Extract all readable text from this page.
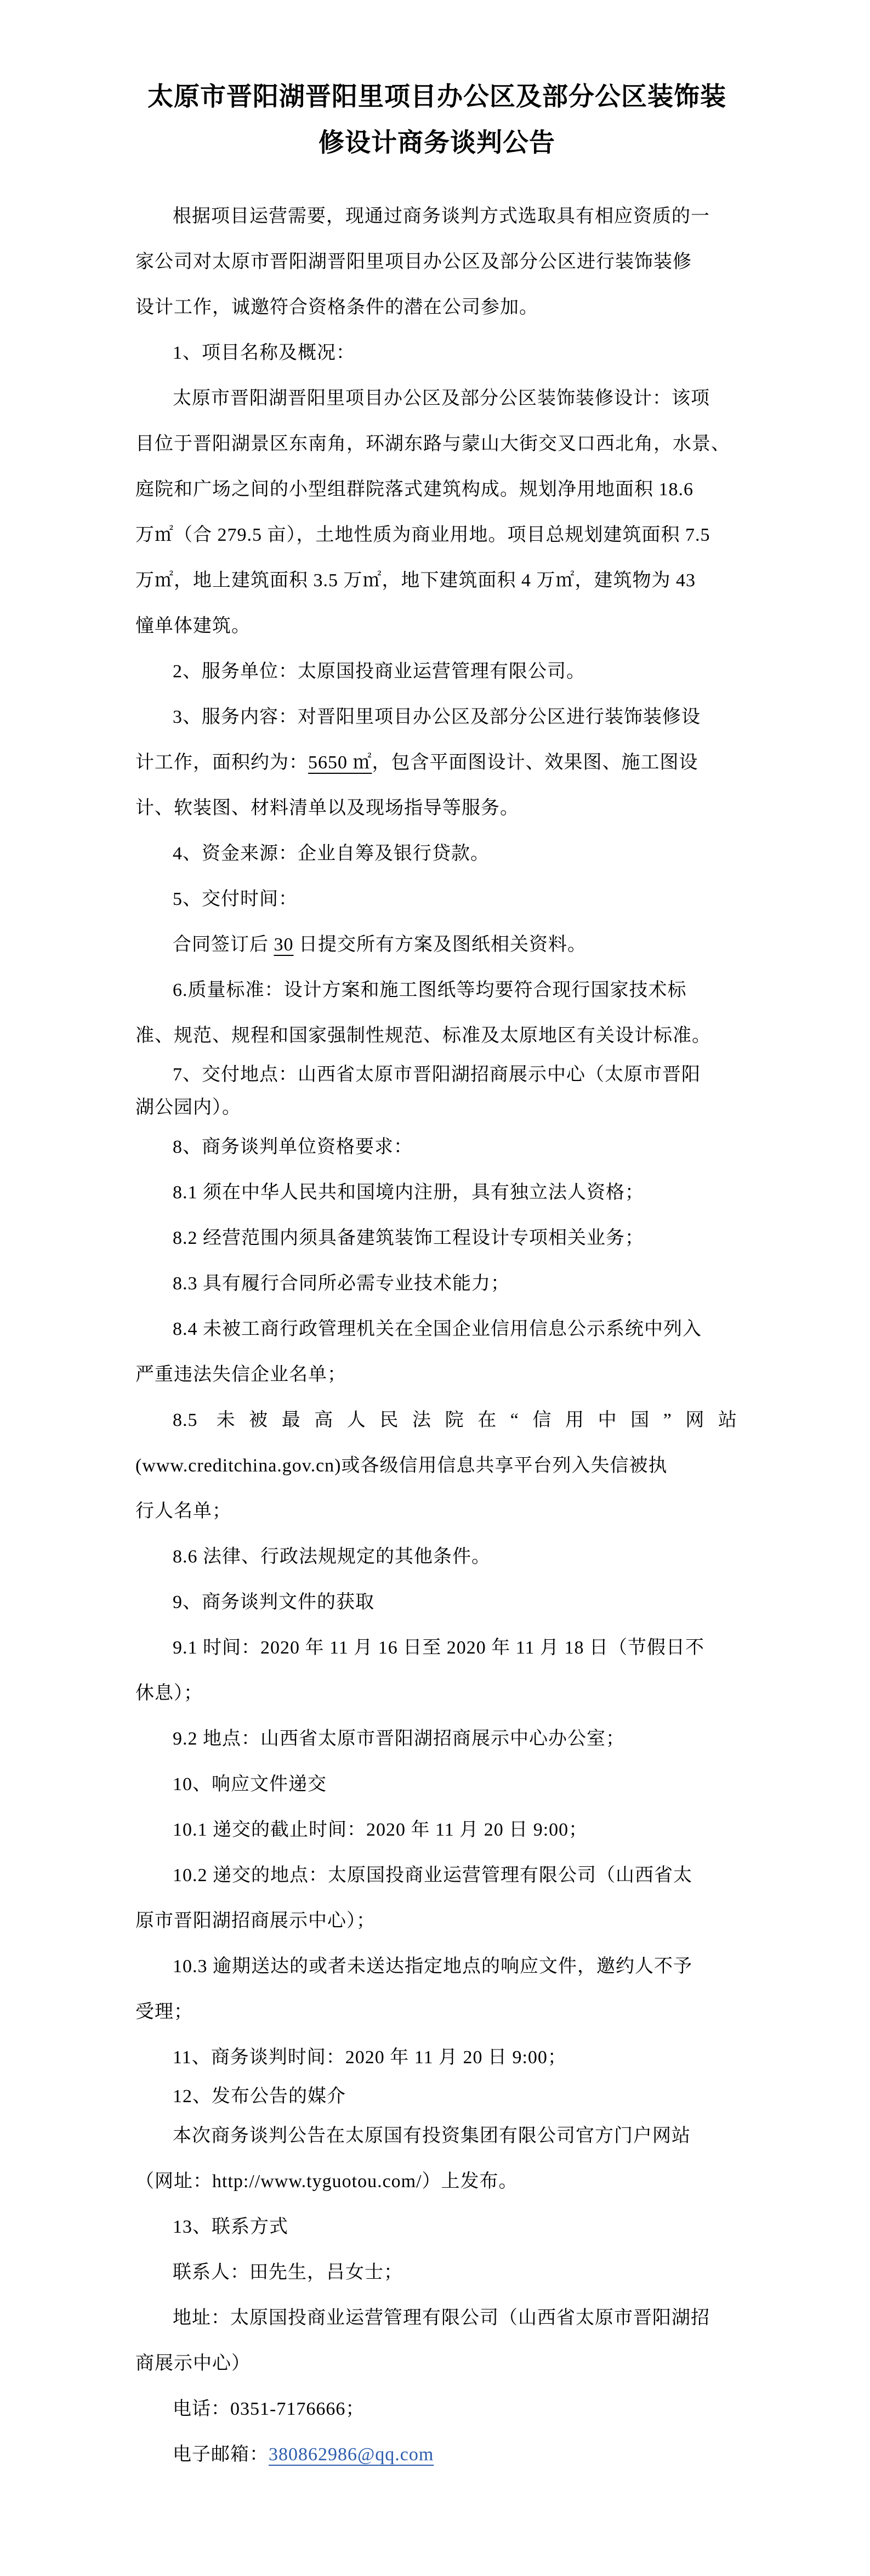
太原市晋阳湖晋阳里项目办公区及部分公区装饰装
修设计商务谈判公告
根据项目运营需要，现通过商务谈判方式选取具有相应资质的一
家公司对太原市晋阳湖晋阳里项目办公区及部分公区进行装饰装修
设计工作，诚邀符合资格条件的潜在公司参加。
1、项目名称及概况：
太原市晋阳湖晋阳里项目办公区及部分公区装饰装修设计：该项
目位于晋阳湖景区东南角，环湖东路与蒙山大街交叉口西北角，水景、
庭院和广场之间的小型组群院落式建筑构成。规划净用地面积 18.6
万㎡（合 279.5 亩），土地性质为商业用地。项目总规划建筑面积 7.5
万㎡，地上建筑面积 3.5 万㎡，地下建筑面积 4 万㎡，建筑物为 43
憧单体建筑。
2、服务单位：太原国投商业运营管理有限公司。
3、服务内容：对晋阳里项目办公区及部分公区进行装饰装修设
计工作，面积约为：5650 ㎡，包含平面图设计、效果图、施工图设
计、软装图、材料清单以及现场指导等服务。
4、资金来源：企业自筹及银行贷款。
5、交付时间：
合同签订后 30 日提交所有方案及图纸相关资料。
6.质量标准：设计方案和施工图纸等均要符合现行国家技术标
准、规范、规程和国家强制性规范、标准及太原地区有关设计标准。
7、交付地点：山西省太原市晋阳湖招商展示中心（太原市晋阳
湖公园内）。
8、商务谈判单位资格要求：
8.1 须在中华人民共和国境内注册，具有独立法人资格；
8.2 经营范围内须具备建筑装饰工程设计专项相关业务；
8.3 具有履行合同所必需专业技术能力；
8.4 未被工商行政管理机关在全国企业信用信息公示系统中列入
严重违法失信企业名单；
8.5 未被最高人民法院在“信用中国”网站
(www.creditchina.gov.cn)或各级信用信息共享平台列入失信被执
行人名单；
8.6 法律、行政法规规定的其他条件。
9、商务谈判文件的获取
9.1 时间：2020 年 11 月 16 日至 2020 年 11 月 18 日（节假日不
休息）；
9.2 地点：山西省太原市晋阳湖招商展示中心办公室；
10、响应文件递交
10.1 递交的截止时间：2020 年 11 月 20 日 9:00；
10.2 递交的地点：太原国投商业运营管理有限公司（山西省太
原市晋阳湖招商展示中心）；
10.3 逾期送达的或者未送达指定地点的响应文件，邀约人不予
受理；
11、商务谈判时间：2020 年 11 月 20 日 9:00；
12、发布公告的媒介
本次商务谈判公告在太原国有投资集团有限公司官方门户网站
（网址：http://www.tyguotou.com/）上发布。
13、联系方式
联系人：田先生，吕女士；
地址：太原国投商业运营管理有限公司（山西省太原市晋阳湖招
商展示中心）
电话：0351-7176666；
电子邮箱：380862986@qq.com
